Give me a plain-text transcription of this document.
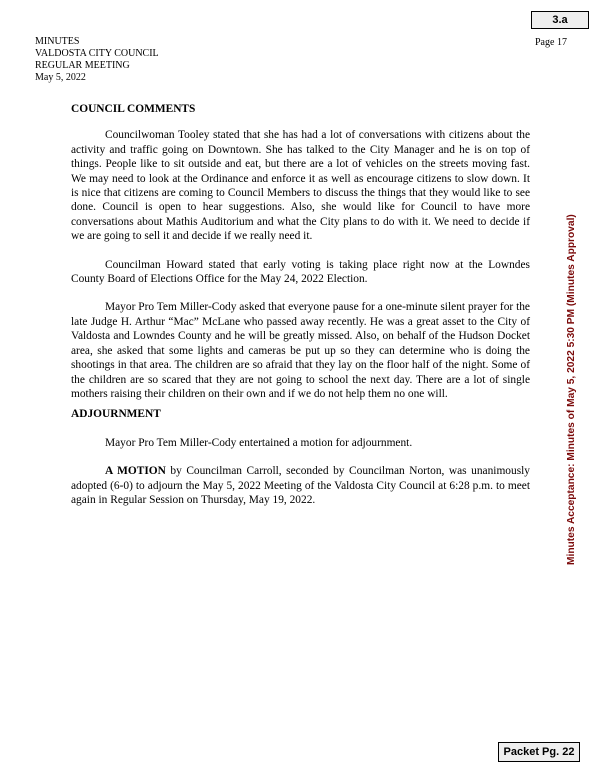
3.a
Page 17
MINUTES
VALDOSTA CITY COUNCIL
REGULAR MEETING
May 5, 2022
COUNCIL COMMENTS

Councilwoman Tooley stated that she has had a lot of conversations with citizens about the activity and traffic going on Downtown. She has talked to the City Manager and he is on top of things. People like to sit outside and eat, but there are a lot of vehicles on the streets moving fast. We may need to look at the Ordinance and enforce it as well as encourage citizens to slow down. It is nice that citizens are coming to Council Members to discuss the things that they would like to see done. Council is open to hear suggestions. Also, she would like for Council to have more conversations about Mathis Auditorium and what the City plans to do with it. We need to decide if we are going to sell it and decide if we really need it.

Councilman Howard stated that early voting is taking place right now at the Lowndes County Board of Elections Office for the May 24, 2022 Election.

Mayor Pro Tem Miller-Cody asked that everyone pause for a one-minute silent prayer for the late Judge H. Arthur “Mac” McLane who passed away recently. He was a great asset to the City of Valdosta and Lowndes County and he will be greatly missed. Also, on behalf of the Hudson Docket area, she asked that some lights and cameras be put up so they can determine who is doing the shootings in that area. The children are so afraid that they lay on the floor half of the night. Some of the children are so scared that they are not going to school the next day. There are a lot of single mothers raising their children on their own and if we do not help them no one will.

ADJOURNMENT

Mayor Pro Tem Miller-Cody entertained a motion for adjournment.

A MOTION by Councilman Carroll, seconded by Councilman Norton, was unanimously adopted (6-0) to adjourn the May 5, 2022 Meeting of the Valdosta City Council at 6:28 p.m. to meet again in Regular Session on Thursday, May 19, 2022.	Minutes Acceptance: Minutes of May 5, 2022 5:30 PM (Minutes Approval)
Packet Pg. 22
